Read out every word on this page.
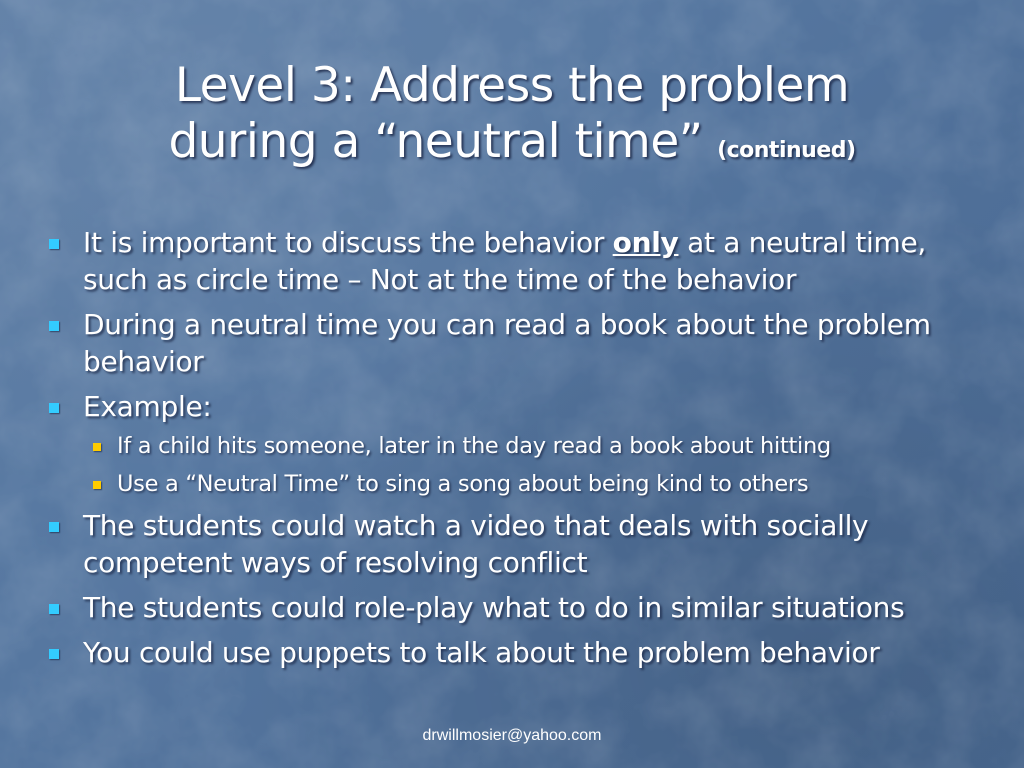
Level 3: Address the problem
during a “neutral time” (continued)
It is important to discuss the behavior only at a neutral time, such as circle time – Not at the time of the behavior
During a neutral time you can read a book about the problem behavior
Example:
If a child hits someone, later in the day read a book about hitting
Use a “Neutral Time” to sing a song about being kind to others
The students could watch a video that deals with socially competent ways of resolving conflict
The students could role-play what to do in similar situations
You could use puppets to talk about the problem behavior
drwillmosier@yahoo.com
